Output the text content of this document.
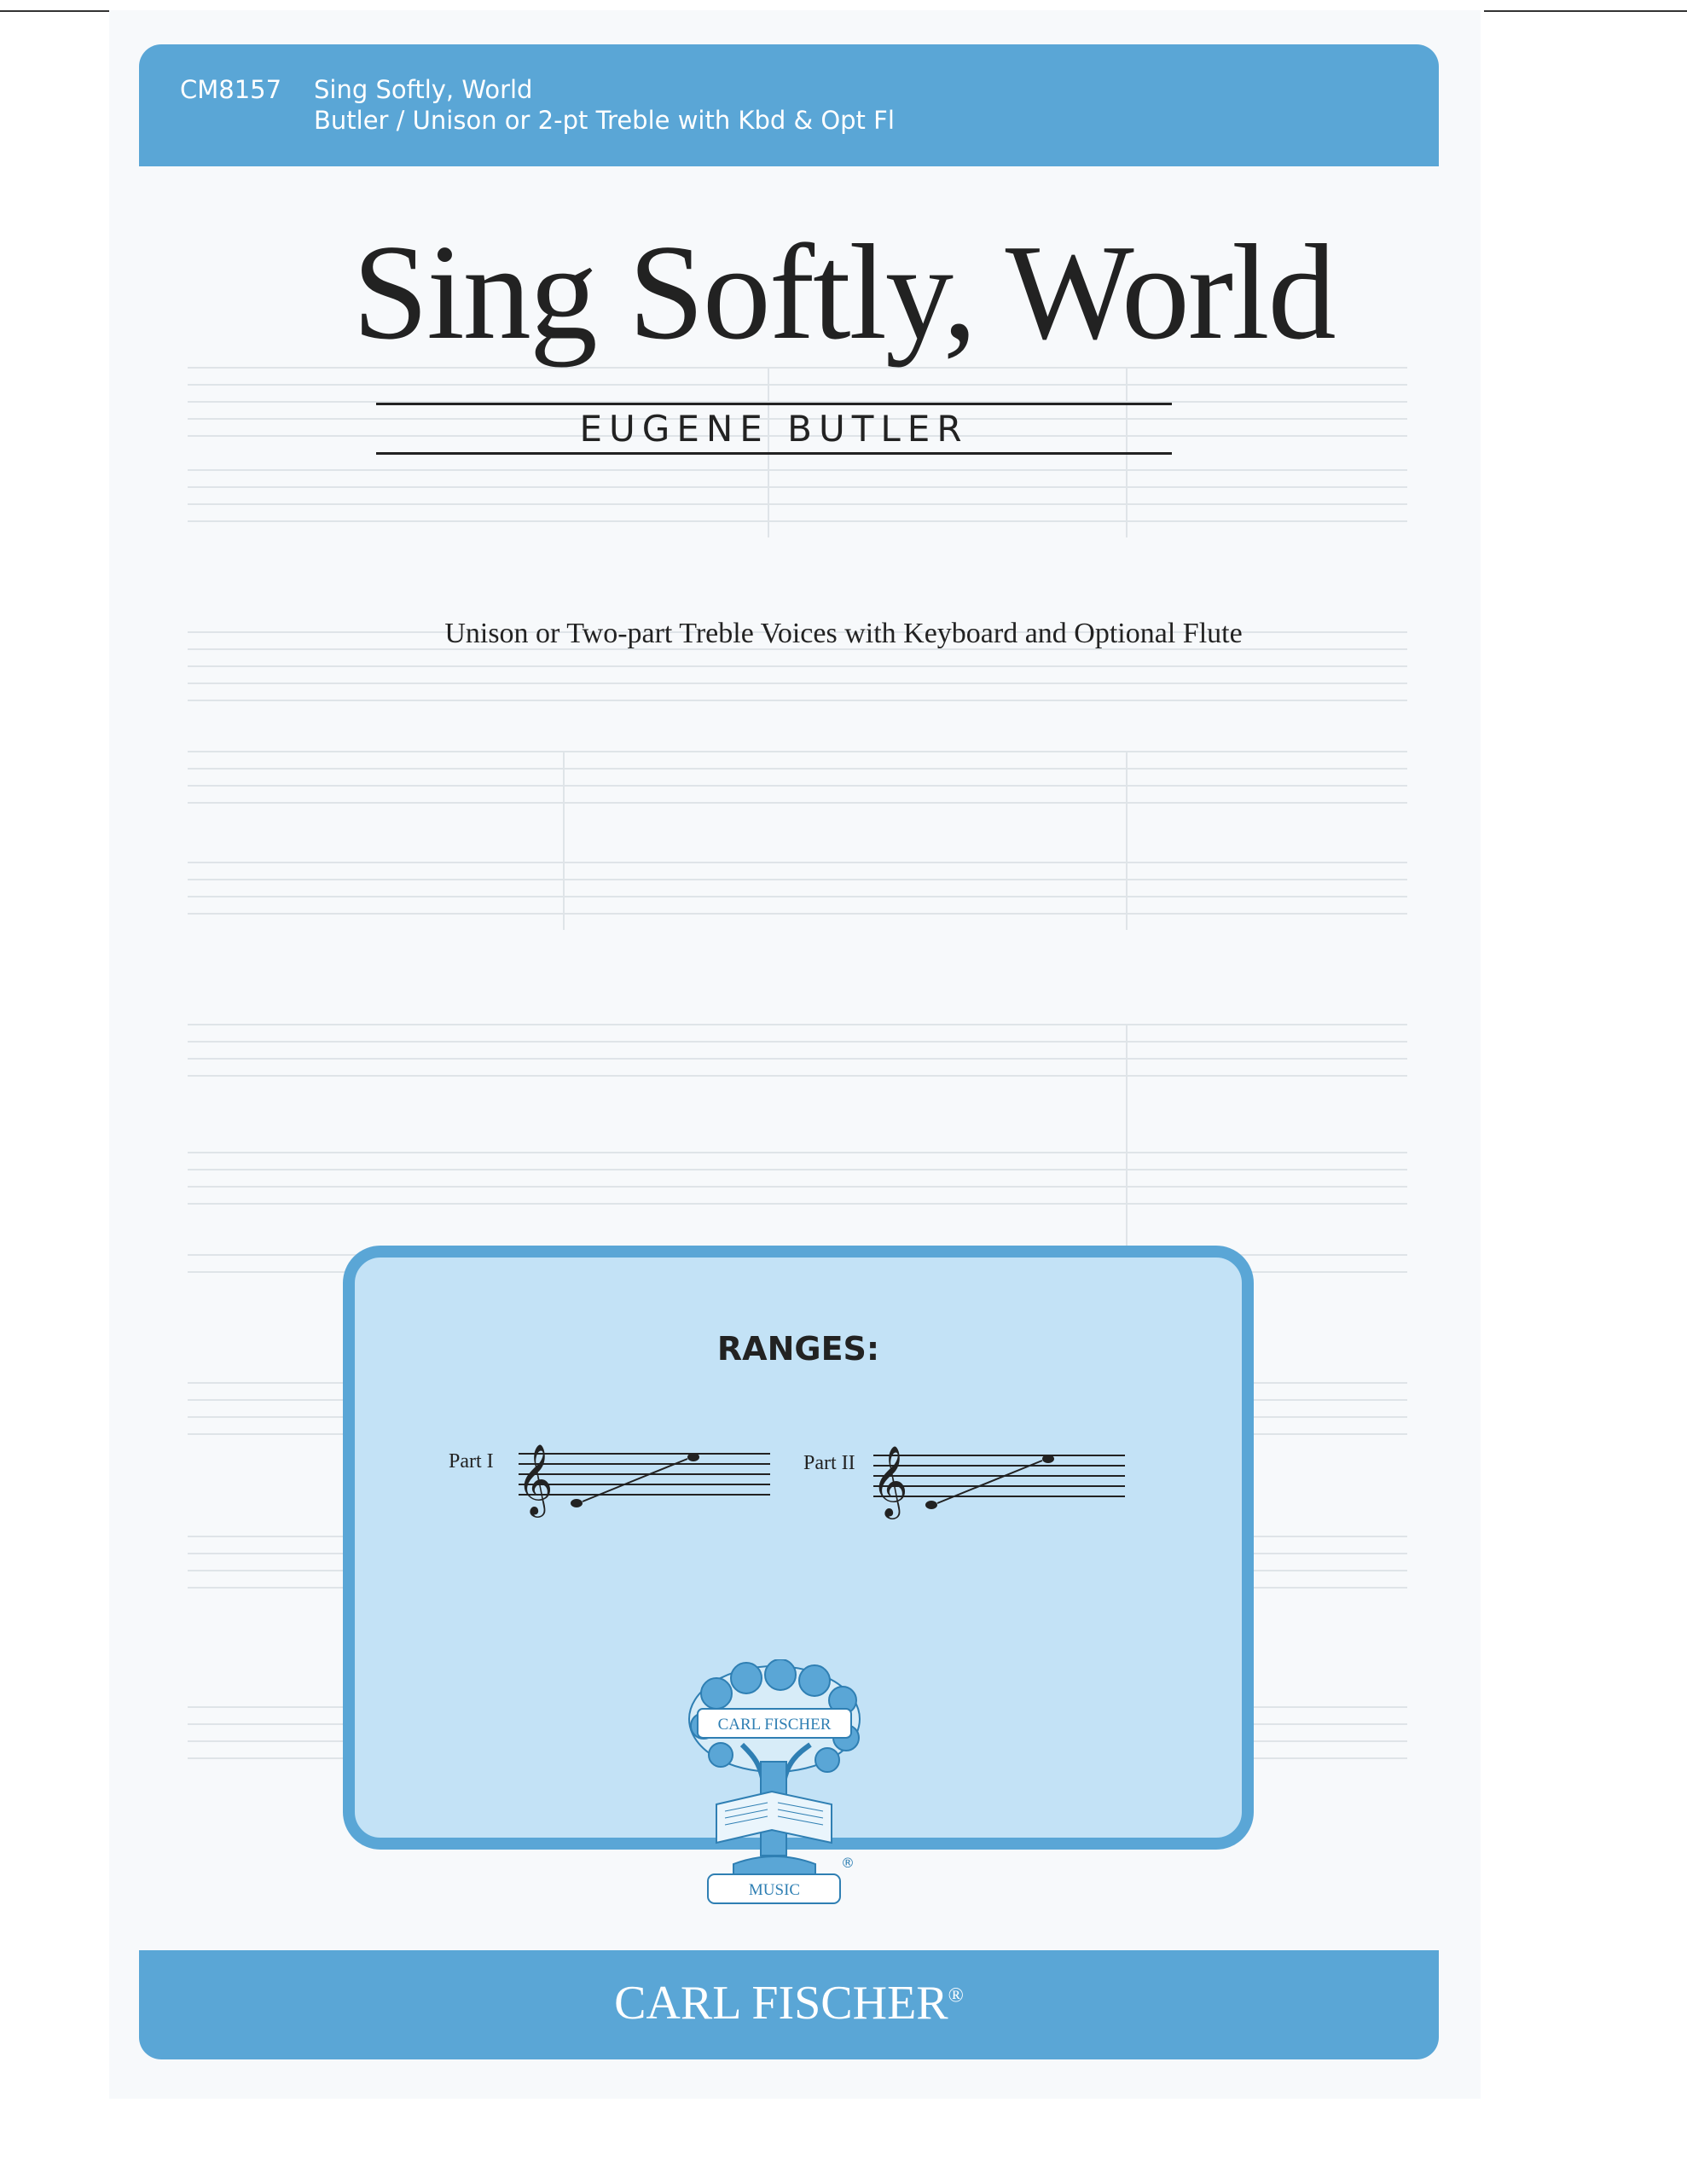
CM8157 Sing Softly, World
Butler / Unison or 2-pt Treble with Kbd & Opt Fl
Sing Softly, World
EUGENE BUTLER
Unison or Two-part Treble Voices with Keyboard and Optional Flute
RANGES:
Part I 𝄞	Part II 𝄞
CARL FISCHER
MUSIC
®
CARL FISCHER®
